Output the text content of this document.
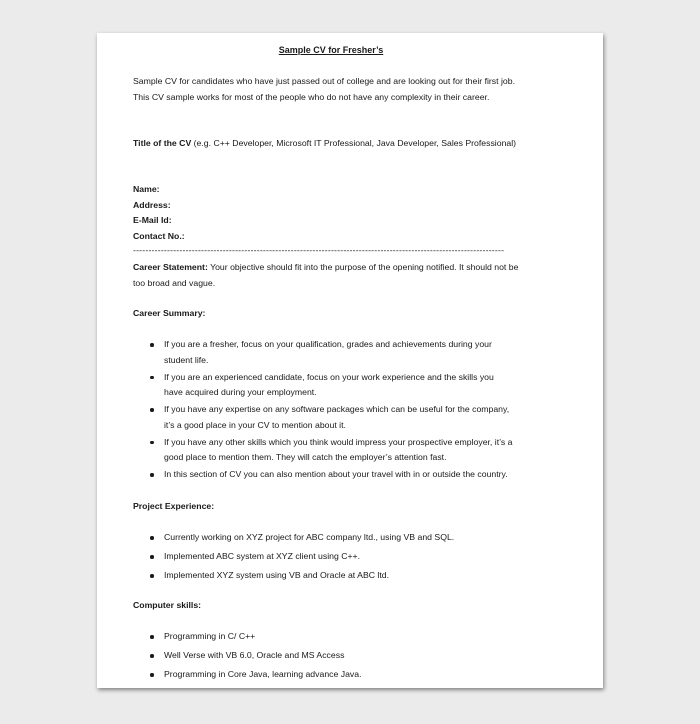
Sample CV for Fresher’s
Sample CV for candidates who have just passed out of college and are looking out for their first job.
This CV sample works for most of the people who do not have any complexity in their career.
Title of the CV (e.g. C++ Developer, Microsoft IT Professional, Java Developer, Sales Professional)
Name:
Address:
E-Mail Id:
Contact No.:
------------------------------------------------------------------------------------------------------------------------
Career Statement: Your objective should fit into the purpose of the opening notified. It should not be too broad and vague.
Career Summary:
If you are a fresher, focus on your qualification, grades and achievements during your student life.
If you are an experienced candidate, focus on your work experience and the skills you have acquired during your employment.
If you have any expertise on any software packages which can be useful for the company, it’s a good place in your CV to mention about it.
If you have any other skills which you think would impress your prospective employer, it’s a good place to mention them. They will catch the employer’s attention fast.
In this section of CV you can also mention about your travel with in or outside the country.
Project Experience:
Currently working on XYZ project for ABC company ltd., using VB and SQL.
Implemented ABC system at XYZ client using C++.
Implemented XYZ system using VB and Oracle at ABC ltd.
Computer skills:
Programming in C/ C++
Well Verse with VB 6.0, Oracle and MS Access
Programming in Core Java, learning advance Java.
